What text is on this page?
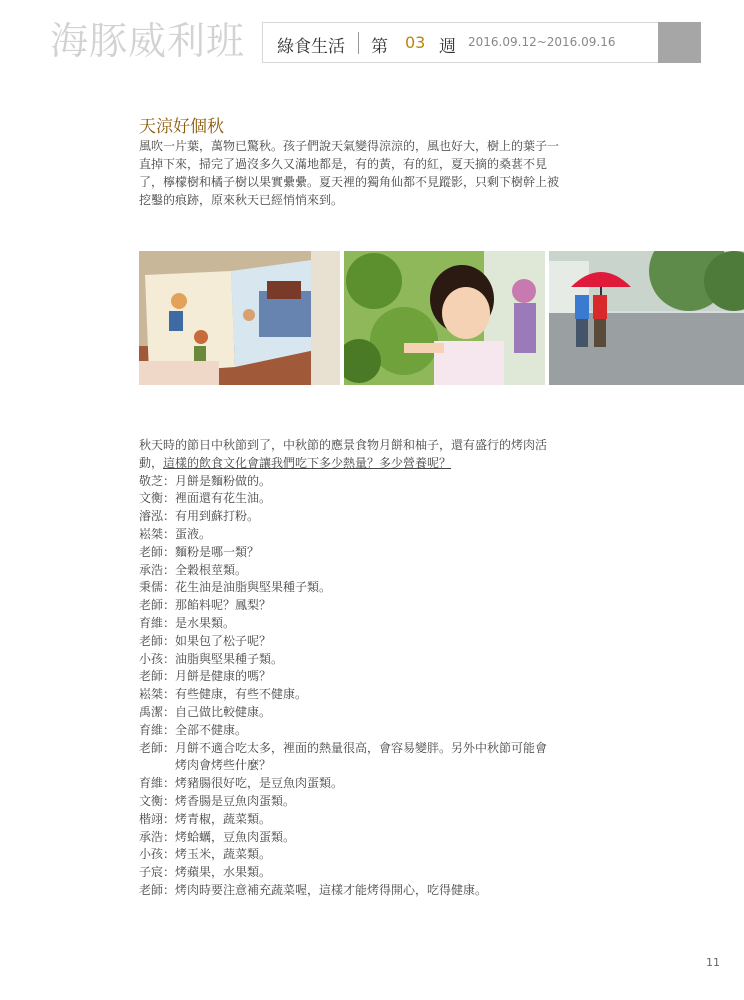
海豚威利班 綠食生活 第 03 週 2016.09.12~2016.09.16
天涼好個秋

風吹一片葉，萬物已驚秋。孩子們說天氣變得涼涼的，風也好大，樹上的葉子一直掉下來，掃完了過沒多久又滿地都是，有的黃，有的紅，夏天摘的桑葚不見了，檸檬樹和橘子樹以果實纍纍。夏天裡的獨角仙都不見蹤影，只剩下樹幹上被挖鑿的痕跡，原來秋天已經悄悄來到。

秋天時的節日中秋節到了，中秋節的應景食物月餅和柚子，還有盛行的烤肉活動，這樣的飲食文化會讓我們吃下多少熱量？多少營養呢？

敬芝 ： 月餅是麵粉做的。
文衡 ： 裡面還有花生油。
濬泓 ： 有用到蘇打粉。
崧桀 ： 蛋液。
老師 ： 麵粉是哪一類？
承浩 ： 全穀根莖類。
秉儒 ： 花生油是油脂與堅果種子類。
老師 ： 那餡料呢？鳳梨？
育維 ： 是水果類。
老師 ： 如果包了松子呢？
小孩 ： 油脂與堅果種子類。
老師 ： 月餅是健康的嗎？
崧桀 ： 有些健康，有些不健康。
禹潔 ： 自己做比較健康。
育維 ： 全部不健康。
老師 ： 月餅不適合吃太多，裡面的熱量很高，會容易變胖。另外中秋節可能會烤肉會烤些什麼？
育維 ： 烤豬腸很好吃，是豆魚肉蛋類。
文衡 ： 烤香腸是豆魚肉蛋類。
楷翊 ： 烤青椒，蔬菜類。
承浩 ： 烤蛤蠣，豆魚肉蛋類。
小孩 ： 烤玉米，蔬菜類。
子宸 ： 烤蘋果，水果類。
老師 ： 烤肉時要注意補充蔬菜喔，這樣才能烤得開心，吃得健康。
11
